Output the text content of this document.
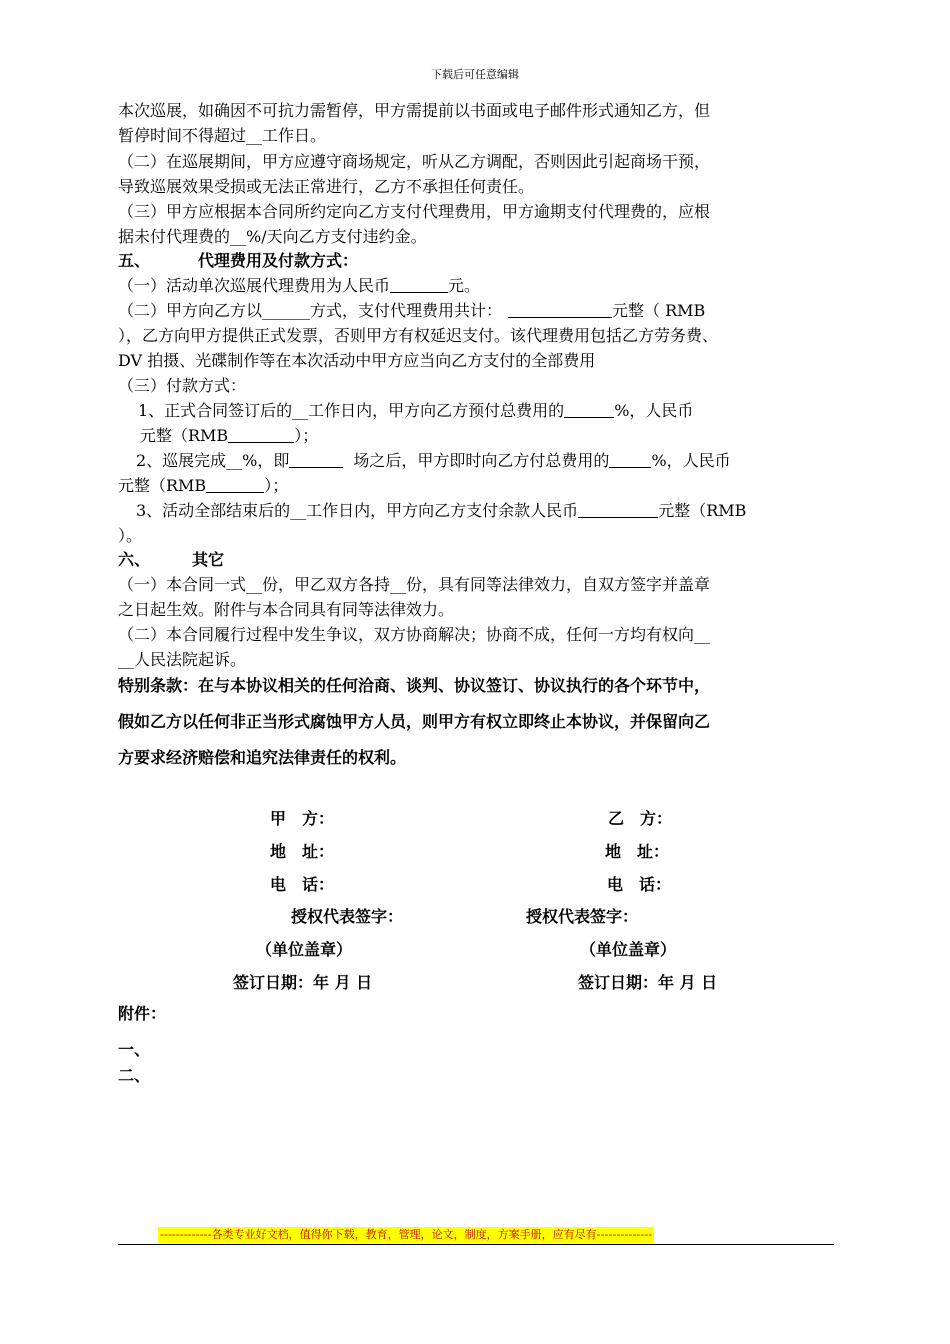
下载后可任意编辑
本次巡展，如确因不可抗力需暂停，甲方需提前以书面或电子邮件形式通知乙方，但
暂停时间不得超过__工作日。
（二）在巡展期间，甲方应遵守商场规定，听从乙方调配，否则因此引起商场干预，
导致巡展效果受损或无法正常进行，乙方不承担任何责任。
（三）甲方应根据本合同所约定向乙方支付代理费用，甲方逾期支付代理费的，应根
据未付代理费的__%/天向乙方支付违约金。
五、	代理费用及付款方式：
（一）活动单次巡展代理费用为人民币	元。
（二）甲方向乙方以______方式，支付代理费用共计：	元整（ RMB
），乙方向甲方提供正式发票，否则甲方有权延迟支付。该代理费用包括乙方劳务费、
DV 拍摄、光碟制作等在本次活动中甲方应当向乙方支付的全部费用
（三）付款方式：
1、正式合同签订后的__工作日内，甲方向乙方预付总费用的	%，人民币
元整（RMB	）；
2、巡展完成__%，即	场之后，甲方即时向乙方付总费用的	%，人民币
元整（RMB	）；
3、活动全部结束后的__工作日内，甲方向乙方支付余款人民币	元整（RMB
）。
六、	其它
（一）本合同一式__份，甲乙双方各持__份，具有同等法律效力，自双方签字并盖章
之日起生效。附件与本合同具有同等法律效力。
（二）本合同履行过程中发生争议，双方协商解决；协商不成，任何一方均有权向__
__人民法院起诉。
特别条款：在与本协议相关的任何洽商、谈判、协议签订、协议执行的各个环节中，
假如乙方以任何非正当形式腐蚀甲方人员，则甲方有权立即终止本协议，并保留向乙
方要求经济赔偿和追究法律责任的权利。
甲　方：	乙　方：
地　址：	地　址：
电　话：	电　话：
授权代表签字：	授权代表签字：
（单位盖章）	（单位盖章）
签订日期：年 月 日	签订日期：年 月 日
附件：
一、
二、
-------------各类专业好文档，值得你下载，教育，管理，论文，制度，方案手册，应有尽有--------------
